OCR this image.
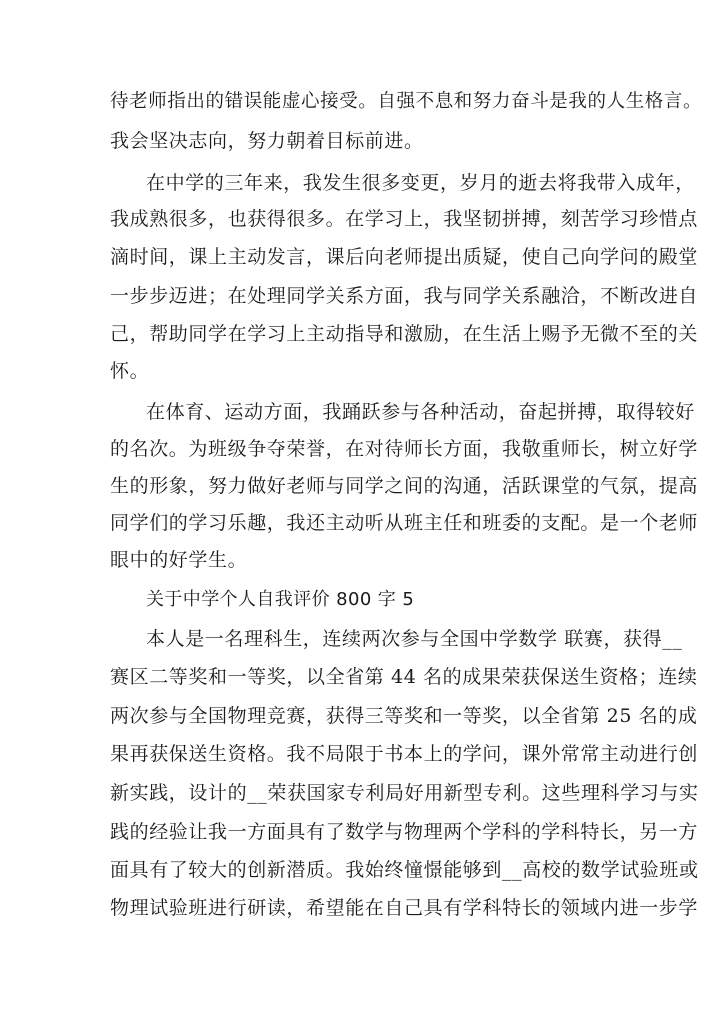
待老师指出的错误能虚心接受。自强不息和努力奋斗是我的人生格言。
我会坚决志向，努力朝着目标前进。
在中学的三年来，我发生很多变更，岁月的逝去将我带入成年，
我成熟很多，也获得很多。在学习上，我坚韧拼搏，刻苦学习珍惜点
滴时间，课上主动发言，课后向老师提出质疑，使自己向学问的殿堂
一步步迈进；在处理同学关系方面，我与同学关系融洽，不断改进自
己，帮助同学在学习上主动指导和激励，在生活上赐予无微不至的关
怀。
在体育、运动方面，我踊跃参与各种活动，奋起拼搏，取得较好
的名次。为班级争夺荣誉，在对待师长方面，我敬重师长，树立好学
生的形象，努力做好老师与同学之间的沟通，活跃课堂的气氛，提高
同学们的学习乐趣，我还主动听从班主任和班委的支配。是一个老师
眼中的好学生。
关于中学个人自我评价 800 字 5
本人是一名理科生，连续两次参与全国中学数学 联赛，获得__
赛区二等奖和一等奖，以全省第 44 名的成果荣获保送生资格；连续
两次参与全国物理竞赛，获得三等奖和一等奖，以全省第 25 名的成
果再获保送生资格。我不局限于书本上的学问，课外常常主动进行创
新实践，设计的__荣获国家专利局好用新型专利。这些理科学习与实
践的经验让我一方面具有了数学与物理两个学科的学科特长，另一方
面具有了较大的创新潜质。我始终憧憬能够到__高校的数学试验班或
物理试验班进行研读，希望能在自己具有学科特长的领域内进一步学
